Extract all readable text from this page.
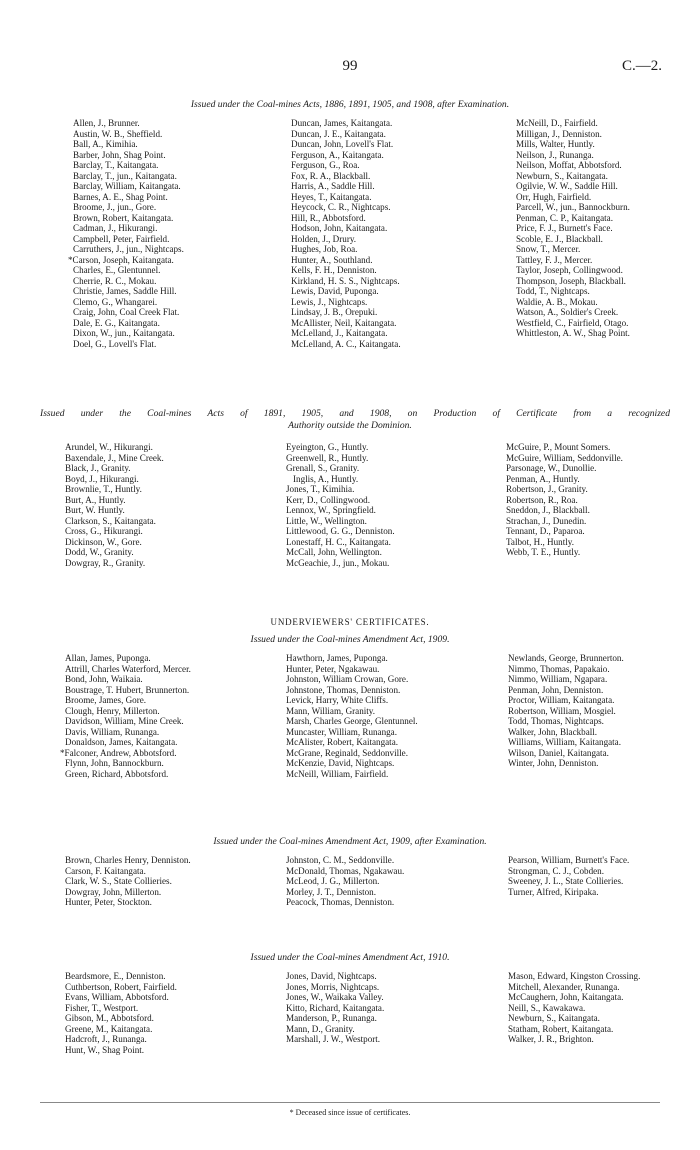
99	C.—2.
Issued under the Coal-mines Acts, 1886, 1891, 1905, and 1908, after Examination.
Allen, J., Brunner.
Austin, W. B., Sheffield.
Ball, A., Kimihia.
Barber, John, Shag Point.
Barclay, T., Kaitangata.
Barclay, T., jun., Kaitangata.
Barclay, William, Kaitangata.
Barnes, A. E., Shag Point.
Broome, J., jun., Gore.
Brown, Robert, Kaitangata.
Cadman, J., Hikurangi.
Campbell, Peter, Fairfield.
Carruthers, J., jun., Nightcaps.
*Carson, Joseph, Kaitangata.
Charles, E., Glentunnel.
Cherrie, R. C., Mokau.
Christie, James, Saddle Hill.
Clemo, G., Whangarei.
Craig, John, Coal Creek Flat.
Dale, E. G., Kaitangata.
Dixon, W., jun., Kaitangata.
Doel, G., Lovell's Flat.
Duncan, James, Kaitangata.
Duncan, J. E., Kaitangata.
Duncan, John, Lovell's Flat.
Ferguson, A., Kaitangata.
Ferguson, G., Roa.
Fox, R. A., Blackball.
Harris, A., Saddle Hill.
Heyes, T., Kaitangata.
Heycock, C. R., Nightcaps.
Hill, R., Abbotsford.
Hodson, John, Kaitangata.
Holden, J., Drury.
Hughes, Job, Roa.
Hunter, A., Southland.
Kells, F. H., Denniston.
Kirkland, H. S. S., Nightcaps.
Lewis, David, Puponga.
Lewis, J., Nightcaps.
Lindsay, J. B., Orepuki.
McAllister, Neil, Kaitangata.
McLelland, J., Kaitangata.
McLelland, A. C., Kaitangata.
McNeill, D., Fairfield.
Milligan, J., Denniston.
Mills, Walter, Huntly.
Neilson, J., Runanga.
Neilson, Moffat, Abbotsford.
Newburn, S., Kaitangata.
Ogilvie, W. W., Saddle Hill.
Orr, Hugh, Fairfield.
Parcell, W., jun., Bannockburn.
Penman, C. P., Kaitangata.
Price, F. J., Burnett's Face.
Scoble, E. J., Blackball.
Snow, T., Mercer.
Tattley, F. J., Mercer.
Taylor, Joseph, Collingwood.
Thompson, Joseph, Blackball.
Todd, T., Nightcaps.
Waldie, A. B., Mokau.
Watson, A., Soldier's Creek.
Westfield, C., Fairfield, Otago.
Whittleston, A. W., Shag Point.
Issued under the Coal-mines Acts of 1891, 1905, and 1908, on Production of Certificate from a recognized
Authority outside the Dominion.
Arundel, W., Hikurangi.
Baxendale, J., Mine Creek.
Black, J., Granity.
Boyd, J., Hikurangi.
Brownlie, T., Huntly.
Burt, A., Huntly.
Burt, W. Huntly.
Clarkson, S., Kaitangata.
Cross, G., Hikurangi.
Dickinson, W., Gore.
Dodd, W., Granity.
Dowgray, R., Granity.
Eyeington, G., Huntly.
Greenwell, R., Huntly.
Grenall, S., Granity.
Inglis, A., Huntly.
Jones, T., Kimihia.
Kerr, D., Collingwood.
Lennox, W., Springfield.
Little, W., Wellington.
Littlewood, G. G., Denniston.
Lonestaff, H. C., Kaitangata.
McCall, John, Wellington.
McGeachie, J., jun., Mokau.
McGuire, P., Mount Somers.
McGuire, William, Seddonville.
Parsonage, W., Dunollie.
Penman, A., Huntly.
Robertson, J., Granity.
Robertson, R., Roa.
Sneddon, J., Blackball.
Strachan, J., Dunedin.
Tennant, D., Paparoa.
Talbot, H., Huntly.
Webb, T. E., Huntly.
UNDERVIEWERS' CERTIFICATES.
Issued under the Coal-mines Amendment Act, 1909.
Allan, James, Puponga.
Attrill, Charles Waterford, Mercer.
Bond, John, Waikaia.
Boustrage, T. Hubert, Brunnerton.
Broome, James, Gore.
Clough, Henry, Millerton.
Davidson, William, Mine Creek.
Davis, William, Runanga.
Donaldson, James, Kaitangata.
*Falconer, Andrew, Abbotsford.
Flynn, John, Bannockburn.
Green, Richard, Abbotsford.
Hawthorn, James, Puponga.
Hunter, Peter, Ngakawau.
Johnston, William Crowan, Gore.
Johnstone, Thomas, Denniston.
Levick, Harry, White Cliffs.
Mann, William, Granity.
Marsh, Charles George, Glentunnel.
Muncaster, William, Runanga.
McAlister, Robert, Kaitangata.
McGrane, Reginald, Seddonville.
McKenzie, David, Nightcaps.
McNeill, William, Fairfield.
Newlands, George, Brunnerton.
Nimmo, Thomas, Papakaio.
Nimmo, William, Ngapara.
Penman, John, Denniston.
Proctor, William, Kaitangata.
Robertson, William, Mosgiel.
Todd, Thomas, Nightcaps.
Walker, John, Blackball.
Williams, William, Kaitangata.
Wilson, Daniel, Kaitangata.
Winter, John, Denniston.
Issued under the Coal-mines Amendment Act, 1909, after Examination.
Brown, Charles Henry, Denniston.
Carson, F. Kaitangata.
Clark, W. S., State Collieries.
Dowgray, John, Millerton.
Hunter, Peter, Stockton.
Johnston, C. M., Seddonville.
McDonald, Thomas, Ngakawau.
McLeod, J. G., Millerton.
Morley, J. T., Denniston.
Peacock, Thomas, Denniston.
Pearson, William, Burnett's Face.
Strongman, C. J., Cobden.
Sweeney, J. L., State Collieries.
Turner, Alfred, Kiripaka.
Issued under the Coal-mines Amendment Act, 1910.
Beardsmore, E., Denniston.
Cuthbertson, Robert, Fairfield.
Evans, William, Abbotsford.
Fisher, T., Westport.
Gibson, M., Abbotsford.
Greene, M., Kaitangata.
Hadcroft, J., Runanga.
Hunt, W., Shag Point.
Jones, David, Nightcaps.
Jones, Morris, Nightcaps.
Jones, W., Waikaka Valley.
Kitto, Richard, Kaitangata.
Manderson, P., Runanga.
Mann, D., Granity.
Marshall, J. W., Westport.
Mason, Edward, Kingston Crossing.
Mitchell, Alexander, Runanga.
McCaughern, John, Kaitangata.
Neill, S., Kawakawa.
Newburn, S., Kaitangata.
Statham, Robert, Kaitangata.
Walker, J. R., Brighton.
* Deceased since issue of certificates.
